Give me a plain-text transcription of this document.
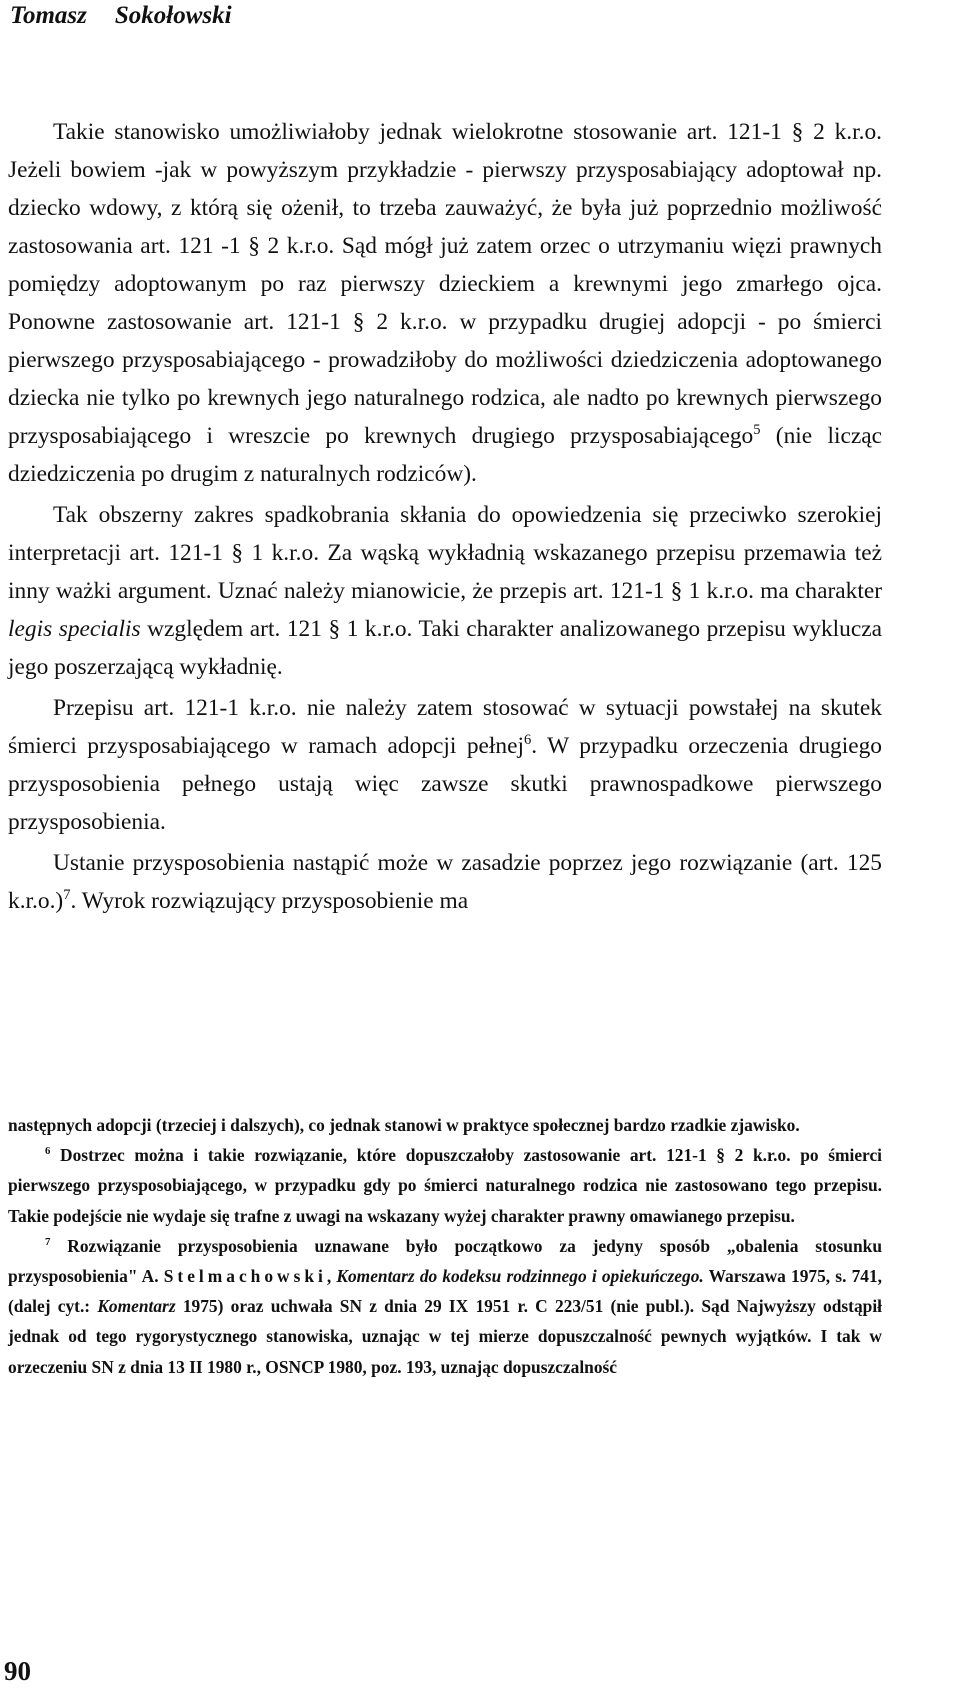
Tomasz Sokołowski

Takie stanowisko umożliwiałoby jednak wielokrotne stosowanie art. 121-1 § 2 k.r.o. Jeżeli bowiem -jak w powyższym przykładzie - pierwszy przysposabiający adoptował np. dziecko wdowy, z którą się ożenił, to trzeba zauważyć, że była już poprzednio możliwość zastosowania art. 121 -1 § 2 k.r.o. Sąd mógł już zatem orzec o utrzymaniu więzi prawnych pomiędzy adoptowanym po raz pierwszy dzieckiem a krewnymi jego zmarłego ojca. Ponowne zastosowanie art. 121-1 § 2 k.r.o. w przypadku drugiej adopcji - po śmierci pierwszego przysposabiającego - prowadziłoby do możliwości dziedziczenia adoptowanego dziecka nie tylko po krewnych jego naturalnego rodzica, ale nadto po krewnych pierwszego przysposabiającego i wreszcie po krewnych drugiego przysposabiającego$^5$ (nie licząc dziedziczenia po drugim z naturalnych rodziców).

Tak obszerny zakres spadkobrania skłania do opowiedzenia się przeciwko szerokiej interpretacji art. 121-1 § 1 k.r.o. Za wąską wykładnią wskazanego przepisu przemawia też inny ważki argument. Uznać należy mianowicie, że przepis art. 121-1 § 1 k.r.o. ma charakter legis specialis względem art. 121 § 1 k.r.o. Taki charakter analizowanego przepisu wyklucza jego poszerzającą wykładnię.

Przepisu art. 121-1 k.r.o. nie należy zatem stosować w sytuacji powstałej na skutek śmierci przysposabiającego w ramach adopcji pełnej$^6$. W przypadku orzeczenia drugiego przysposobienia pełnego ustają więc zawsze skutki prawnospadkowe pierwszego przysposobienia.

Ustanie przysposobienia nastąpić może w zasadzie poprzez jego rozwiązanie (art. 125 k.r.o.)$^7$. Wyrok rozwiązujący przysposobienie ma

następnych adopcji (trzeciej i dalszych), co jednak stanowi w praktyce społecznej bardzo rzadkie zjawisko.

$^6$ Dostrzec można i takie rozwiązanie, które dopuszczałoby zastosowanie art. 121-1 § 2 k.r.o. po śmierci pierwszego przysposobiającego, w przypadku gdy po śmierci naturalnego rodzica nie zastosowano tego przepisu. Takie podejście nie wydaje się trafne z uwagi na wskazany wyżej charakter prawny omawianego przepisu.

$^7$ Rozwiązanie przysposobienia uznawane było początkowo za jedyny sposób „obalenia stosunku przysposobienia" A. Stelmachowski, Komentarz do kodeksu rodzinnego i opiekuńczego. Warszawa 1975, s. 741, (dalej cyt.: Komentarz 1975) oraz uchwała SN z dnia 29 IX 1951 r. C 223/51 (nie publ.). Sąd Najwyższy odstąpił jednak od tego rygorystycznego stanowiska, uznając w tej mierze dopuszczalność pewnych wyjątków. I tak w orzeczeniu SN z dnia 13 II 1980 r., OSNCP 1980, poz. 193, uznając dopuszczalność

90
